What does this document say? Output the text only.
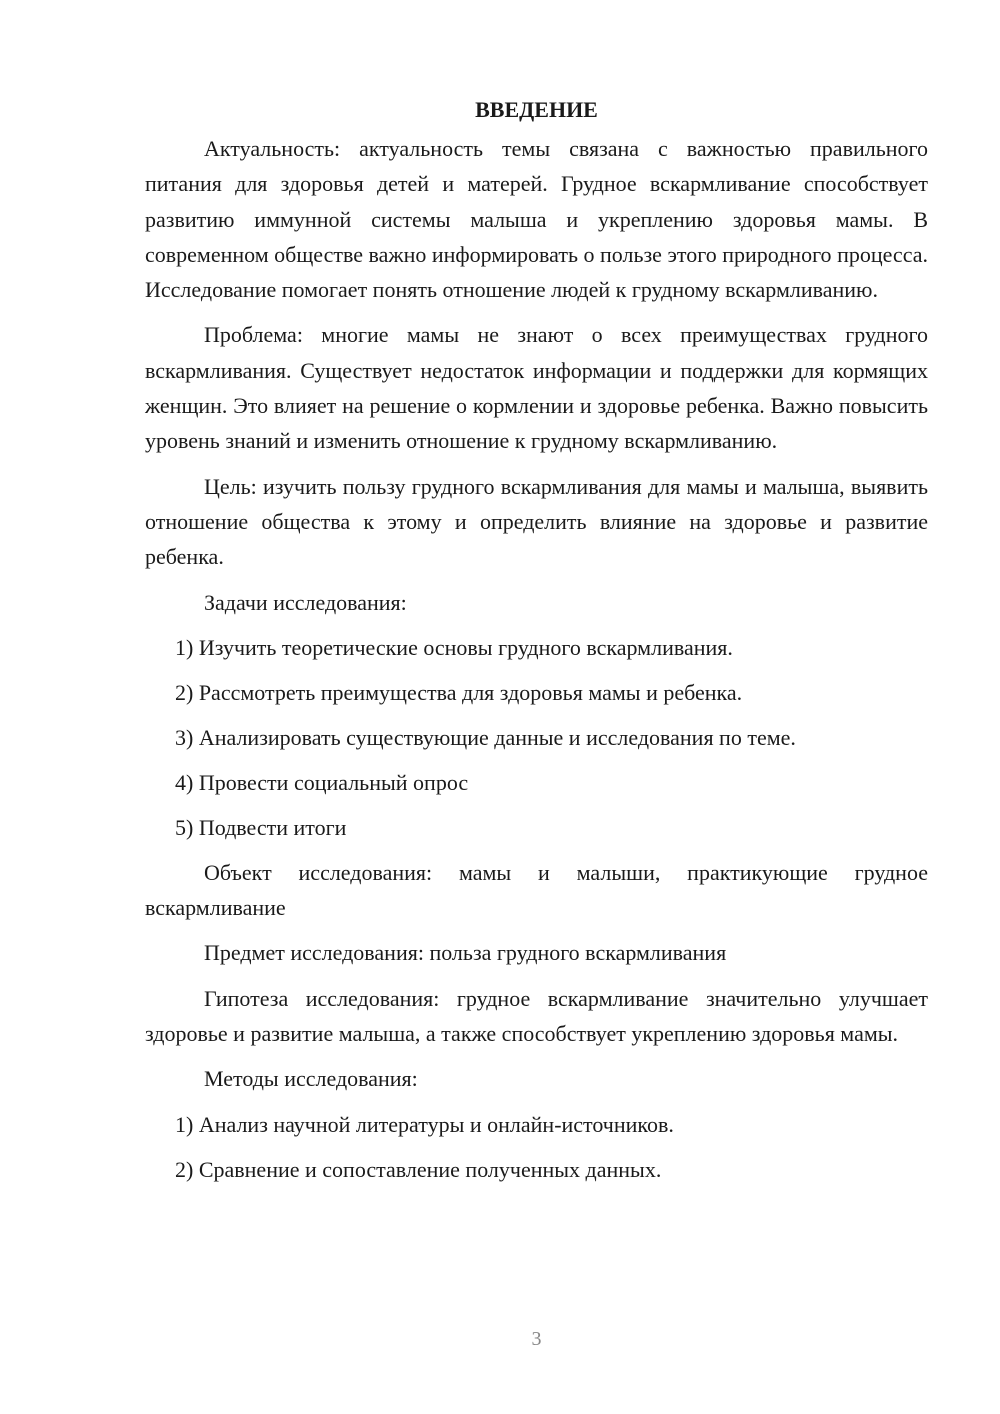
ВВЕДЕНИЕ

Актуальность: актуальность темы связана с важностью правильного питания для здоровья детей и матерей. Грудное вскармливание способствует развитию иммунной системы малыша и укреплению здоровья мамы. В современном обществе важно информировать о пользе этого природного процесса. Исследование помогает понять отношение людей к грудному вскармливанию.

Проблема: многие мамы не знают о всех преимуществах грудного вскармливания. Существует недостаток информации и поддержки для кормящих женщин. Это влияет на решение о кормлении и здоровье ребенка. Важно повысить уровень знаний и изменить отношение к грудному вскармливанию.

Цель: изучить пользу грудного вскармливания для мамы и малыша, выявить отношение общества к этому и определить влияние на здоровье и развитие ребенка.

Задачи исследования:

1) Изучить теоретические основы грудного вскармливания.

2) Рассмотреть преимущества для здоровья мамы и ребенка.

3) Анализировать существующие данные и исследования по теме.

4) Провести социальный опрос

5) Подвести итоги

Объект исследования: мамы и малыши, практикующие грудное вскармливание

Предмет исследования: польза грудного вскармливания

Гипотеза исследования: грудное вскармливание значительно улучшает здоровье и развитие малыша, а также способствует укреплению здоровья мамы.

Методы исследования:

1) Анализ научной литературы и онлайн-источников.

2) Сравнение и сопоставление полученных данных.

3
